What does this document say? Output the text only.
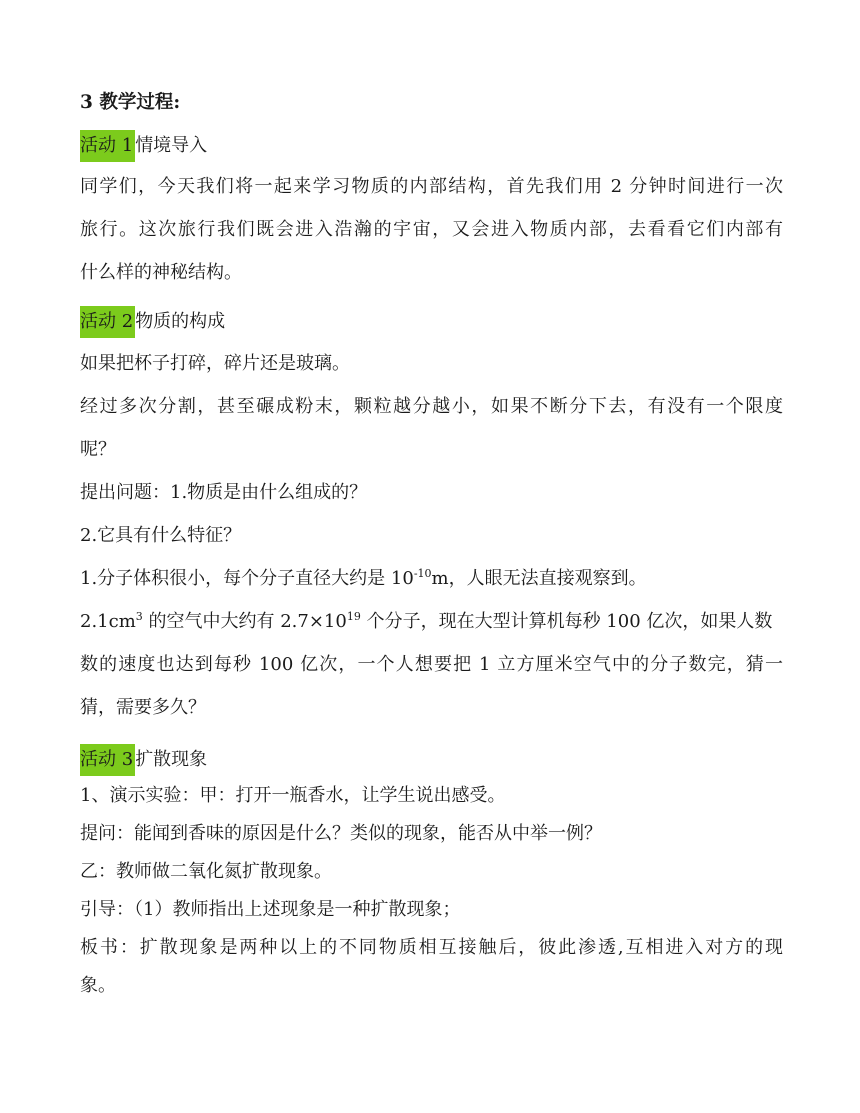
3 教学过程:
活动 1 情境导入
同学们，今天我们将一起来学习物质的内部结构，首先我们用 2 分钟时间进行一次
旅行。这次旅行我们既会进入浩瀚的宇宙，又会进入物质内部，去看看它们内部有
什么样的神秘结构。
活动 2 物质的构成
如果把杯子打碎，碎片还是玻璃。
经过多次分割，甚至碾成粉末，颗粒越分越小，如果不断分下去，有没有一个限度
呢？
提出问题：1.物质是由什么组成的？
2.它具有什么特征？
1.分子体积很小，每个分子直径大约是 $10^{-10}m$，人眼无法直接观察到。
$2.1cm^3$ 的空气中大约有 $2.7\times 10^{19}$ 个分子，现在大型计算机每秒 100 亿次，如果人数
数的速度也达到每秒 100 亿次，一个人想要把 1 立方厘米空气中的分子数完，猜一
猜，需要多久？
活动 3 扩散现象
1、演示实验：甲：打开一瓶香水，让学生说出感受。
提问：能闻到香味的原因是什么？类似的现象，能否从中举一例？
乙：教师做二氧化氮扩散现象。
引导：（1）教师指出上述现象是一种扩散现象；
板书：扩散现象是两种以上的不同物质相互接触后，彼此渗透,互相进入对方的现
象。
